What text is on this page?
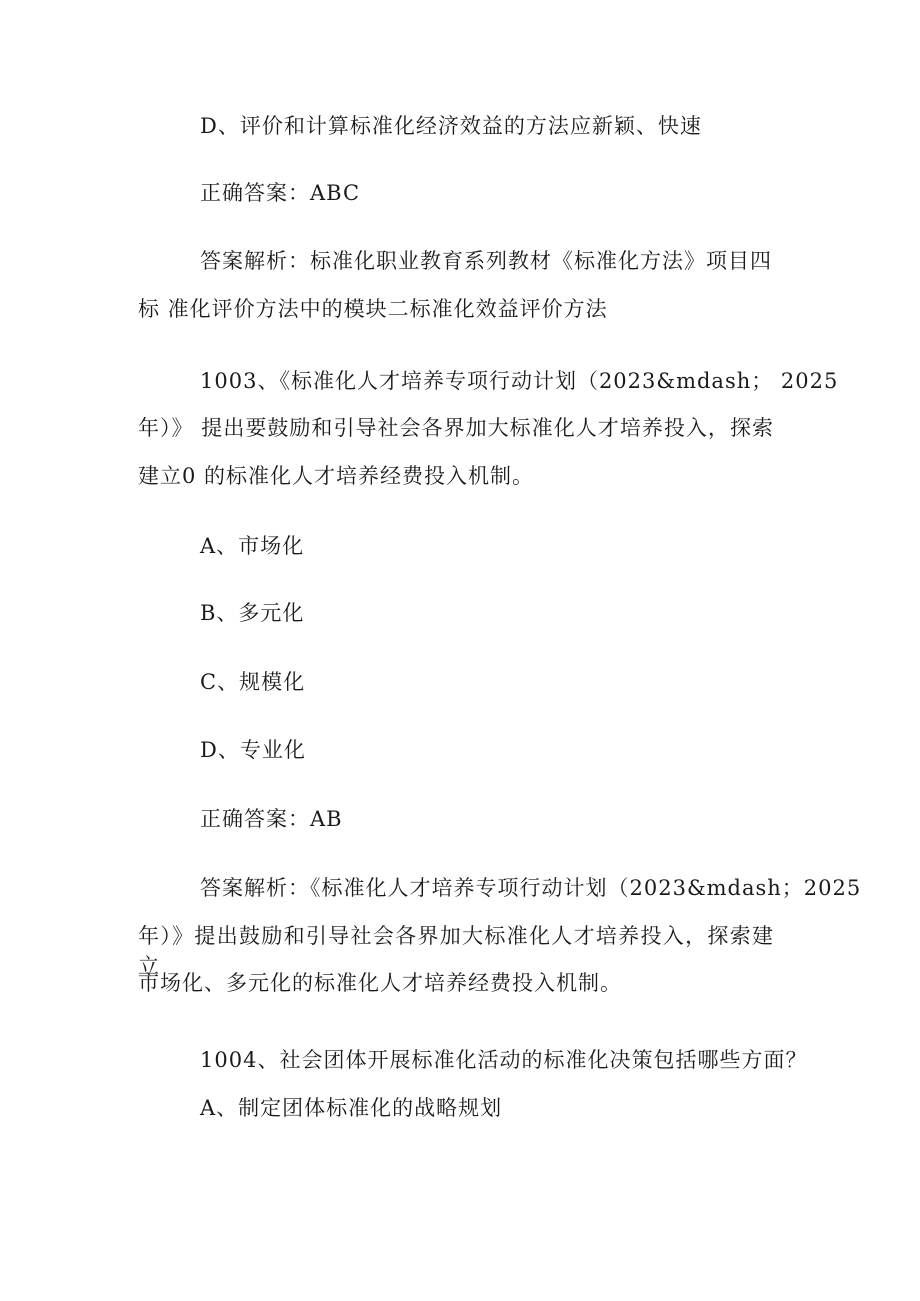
D、评价和计算标准化经济效益的方法应新颖、快速
正确答案：ABC
答案解析：标准化职业教育系列教材《标准化方法》项目四
标 准化评价方法中的模块二标准化效益评价方法
1003、《标准化人才培养专项行动计划（2023&mdash； 2025
年）》 提出要鼓励和引导社会各界加大标准化人才培养投入，探索
建立0 的标准化人才培养经费投入机制。
A、市场化
B、多元化
C、规模化
D、专业化
正确答案：AB
答案解析：《标准化人才培养专项行动计划（2023&mdash；2025
年）》提出鼓励和引导社会各界加大标准化人才培养投入，探索建立
市场化、多元化的标准化人才培养经费投入机制。
1004、社会团体开展标准化活动的标准化决策包括哪些方面？
A、制定团体标准化的战略规划
